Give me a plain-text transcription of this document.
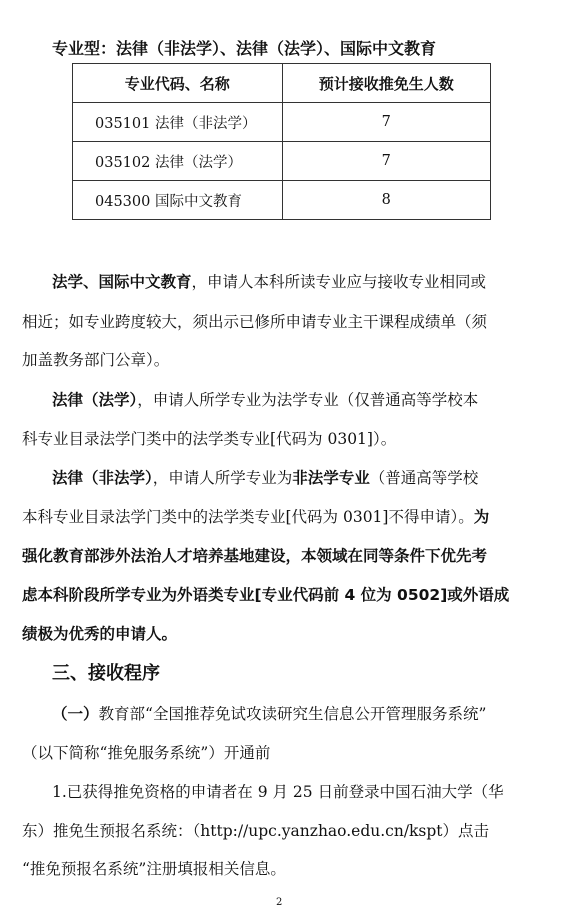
专业型：法律（非法学）、法律（法学）、国际中文教育
专业代码、名称	预计接收推免生人数
035101 法律（非法学）	7
035102 法律（法学）	7
045300 国际中文教育	8
法学、国际中文教育，申请人本科所读专业应与接收专业相同或
相近；如专业跨度较大，须出示已修所申请专业主干课程成绩单（须
加盖教务部门公章）。
法律（法学），申请人所学专业为法学专业（仅普通高等学校本
科专业目录法学门类中的法学类专业[代码为 0301]）。
法律（非法学），申请人所学专业为非法学专业（普通高等学校
本科专业目录法学门类中的法学类专业[代码为 0301]不得申请）。为
强化教育部涉外法治人才培养基地建设，本领域在同等条件下优先考
虑本科阶段所学专业为外语类专业[专业代码前 4 位为 0502]或外语成
绩极为优秀的申请人。
三、接收程序
（一）教育部“全国推荐免试攻读研究生信息公开管理服务系统”
（以下简称“推免服务系统”）开通前
1.已获得推免资格的申请者在 9 月 25 日前登录中国石油大学（华
东）推免生预报名系统：（http://upc.yanzhao.edu.cn/kspt）点击
“推免预报名系统”注册填报相关信息。
2
